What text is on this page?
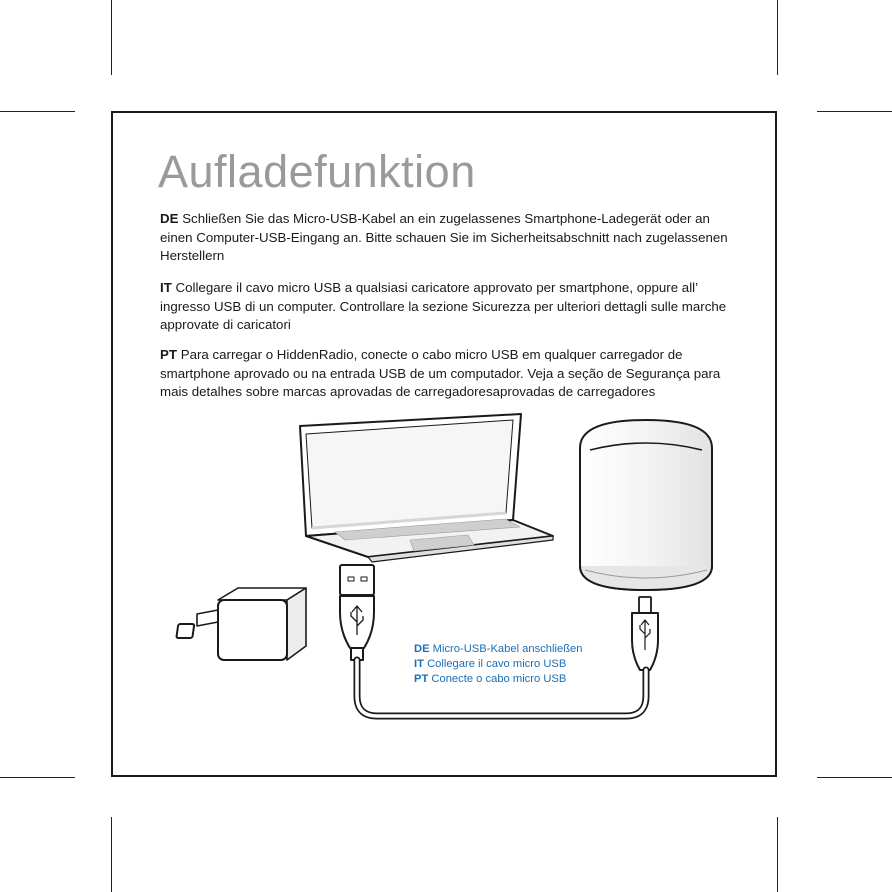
Aufladefunktion
DE Schließen Sie das Micro-USB-Kabel an ein zugelassenes Smartphone-Ladegerät oder an einen Computer-USB-Eingang an. Bitte schauen Sie im Sicherheitsabschnitt nach zugelassenen Herstellern
IT Collegare il cavo micro USB a qualsiasi caricatore approvato per smartphone, oppure all’ ingresso USB di un computer. Controllare la sezione Sicurezza per ulteriori dettagli sulle marche approvate di caricatori
PT Para carregar o HiddenRadio, conecte o cabo micro USB em qualquer carregador de smartphone aprovado ou na entrada USB de um computador. Veja a seção de Segurança para mais detalhes sobre marcas aprovadas de carregadoresaprovadas de carregadores
DE Micro-USB-Kabel anschließen
IT Collegare il cavo micro USB
PT Conecte o cabo micro USB
